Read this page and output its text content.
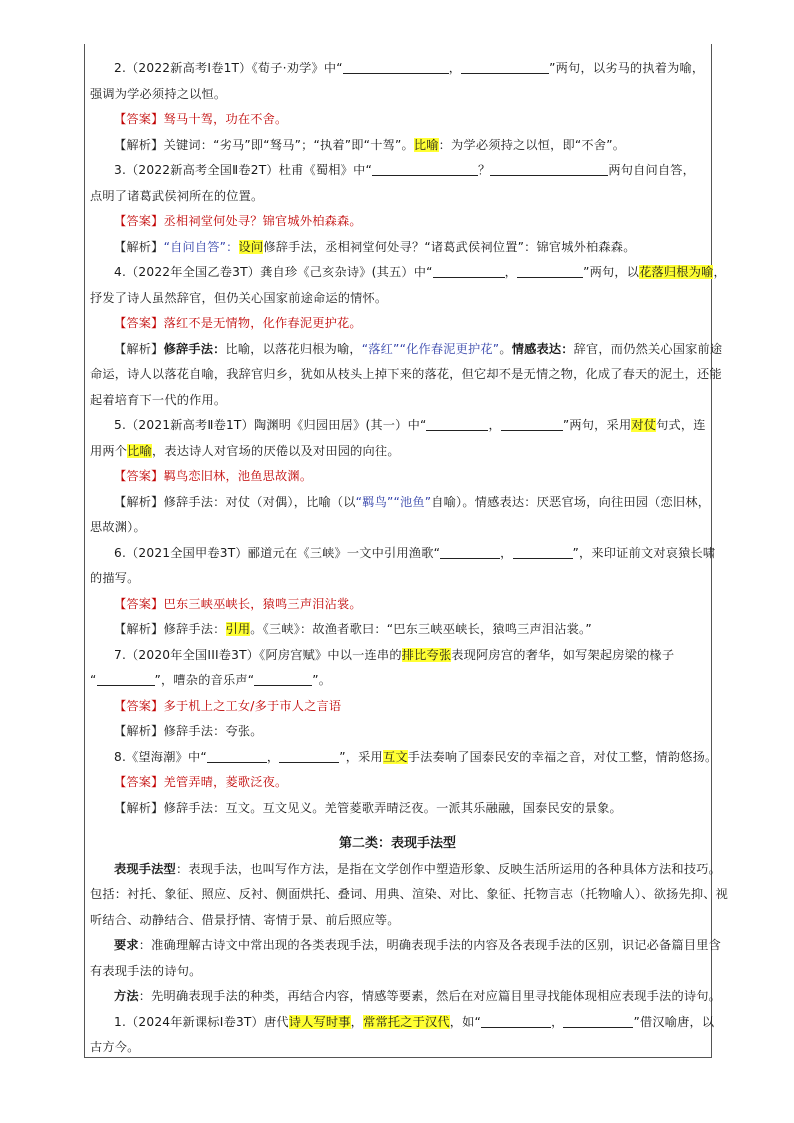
2.（2022新高考Ⅰ卷1T）《荀子·劝学》中“	，	”两句，以劣马的执着为喻，

强调为学必须持之以恒。

【答案】驽马十驾，功在不舍。

【解析】关键词：“劣马”即“驽马”；“执着”即“十驾”。比喻：为学必须持之以恒，即“不舍”。

3.（2022新高考全国Ⅱ卷2T）杜甫《蜀相》中“	？	两句自问自答，

点明了诸葛武侯祠所在的位置。

【答案】丞相祠堂何处寻？锦官城外柏森森。

【解析】“自问自答”：设问修辞手法，丞相祠堂何处寻？“诸葛武侯祠位置”：锦官城外柏森森。

4.（2022年全国乙卷3T）龚自珍《己亥杂诗》(其五）中“	，	”两句，以花落归根为喻，

抒发了诗人虽然辞官，但仍关心国家前途命运的情怀。

【答案】落红不是无情物，化作春泥更护花。

【解析】修辞手法：比喻，以落花归根为喻，“落红”“化作春泥更护花”。情感表达：辞官，而仍然关心国家前途

命运，诗人以落花自喻，我辞官归乡，犹如从枝头上掉下来的落花，但它却不是无情之物，化成了春天的泥土，还能

起着培育下一代的作用。

5.（2021新高考Ⅱ卷1T）陶渊明《归园田居》(其一）中“	，	”两句，采用对仗句式，连

用两个比喻，表达诗人对官场的厌倦以及对田园的向往。

【答案】羁鸟恋旧林，池鱼思故渊。

【解析】修辞手法：对仗（对偶），比喻（以“羁鸟”“池鱼”自喻）。情感表达：厌恶官场，向往田园（恋旧林，

思故渊）。

6.（2021全国甲卷3T）郦道元在《三峡》一文中引用渔歌“	，	”，来印证前文对哀猿长啸

的描写。

【答案】巴东三峡巫峡长，猿鸣三声泪沾裳。

【解析】修辞手法：引用。《三峡》：故渔者歌曰：“巴东三峡巫峡长，猿鸣三声泪沾裳。”

7.（2020年全国III卷3T）《阿房宫赋》中以一连串的排比夸张表现阿房宫的奢华，如写架起房梁的椽子

“	”，嘈杂的音乐声“	”。

【答案】多于机上之工女/多于市人之言语

【解析】修辞手法：夸张。

8.《望海潮》中“	，	”，采用互文手法奏响了国泰民安的幸福之音，对仗工整，情韵悠扬。

【答案】羌管弄晴，菱歌泛夜。

【解析】修辞手法：互文。互文见义。羌管菱歌弄晴泛夜。一派其乐融融，国泰民安的景象。

第二类：表现手法型

表现手法型：表现手法，也叫写作方法，是指在文学创作中塑造形象、反映生活所运用的各种具体方法和技巧。

包括：衬托、象征、照应、反衬、侧面烘托、叠词、用典、渲染、对比、象征、托物言志（托物喻人）、欲扬先抑、视

听结合、动静结合、借景抒情、寄情于景、前后照应等。

要求：准确理解古诗文中常出现的各类表现手法，明确表现手法的内容及各表现手法的区别，识记必备篇目里含

有表现手法的诗句。

方法：先明确表现手法的种类，再结合内容，情感等要素，然后在对应篇目里寻找能体现相应表现手法的诗句。

1.（2024年新课标Ⅰ卷3T）唐代诗人写时事，常常托之于汉代，如“	，	”借汉喻唐，以

古方今。
